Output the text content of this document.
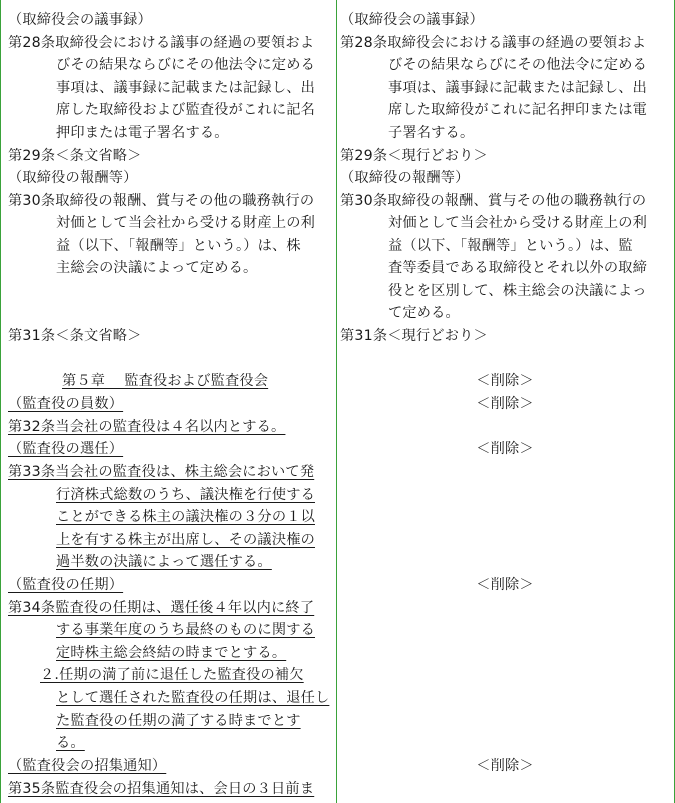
（取締役会の議事録）
第28条取締役会における議事の経過の要領およ
びその結果ならびにその他法令に定める
事項は、議事録に記載または記録し、出
席した取締役および監査役がこれに記名
押印または電子署名する。
第29条＜条文省略＞
（取締役の報酬等）
第30条取締役の報酬、賞与その他の職務執行の
対価として当会社から受ける財産上の利
益（以下、「報酬等」という。）は、株
主総会の決議によって定める。
第31条＜条文省略＞
第５章　 監査役および監査役会
（監査役の員数）
第32条当会社の監査役は４名以内とする。
（監査役の選任）
第33条当会社の監査役は、株主総会において発
行済株式総数のうち、議決権を行使する
ことができる株主の議決権の３分の１以
上を有する株主が出席し、その議決権の
過半数の決議によって選任する。
（監査役の任期）
第34条監査役の任期は、選任後４年以内に終了
する事業年度のうち最終のものに関する
定時株主総会終結の時までとする。
２.任期の満了前に退任した監査役の補欠
として選任された監査役の任期は、退任し
た監査役の任期の満了する時までとす
る。
（監査役会の招集通知）
第35条監査役会の招集通知は、会日の３日前ま
（取締役会の議事録）
第28条取締役会における議事の経過の要領およ
びその結果ならびにその他法令に定める
事項は、議事録に記載または記録し、出
席した取締役がこれに記名押印または電
子署名する。
第29条＜現行どおり＞
（取締役の報酬等）
第30条取締役の報酬、賞与その他の職務執行の
対価として当会社から受ける財産上の利
益（以下、「報酬等」という。）は、監
査等委員である取締役とそれ以外の取締
役とを区別して、株主総会の決議によっ
て定める。
第31条＜現行どおり＞
＜削除＞
＜削除＞
＜削除＞
＜削除＞
＜削除＞
